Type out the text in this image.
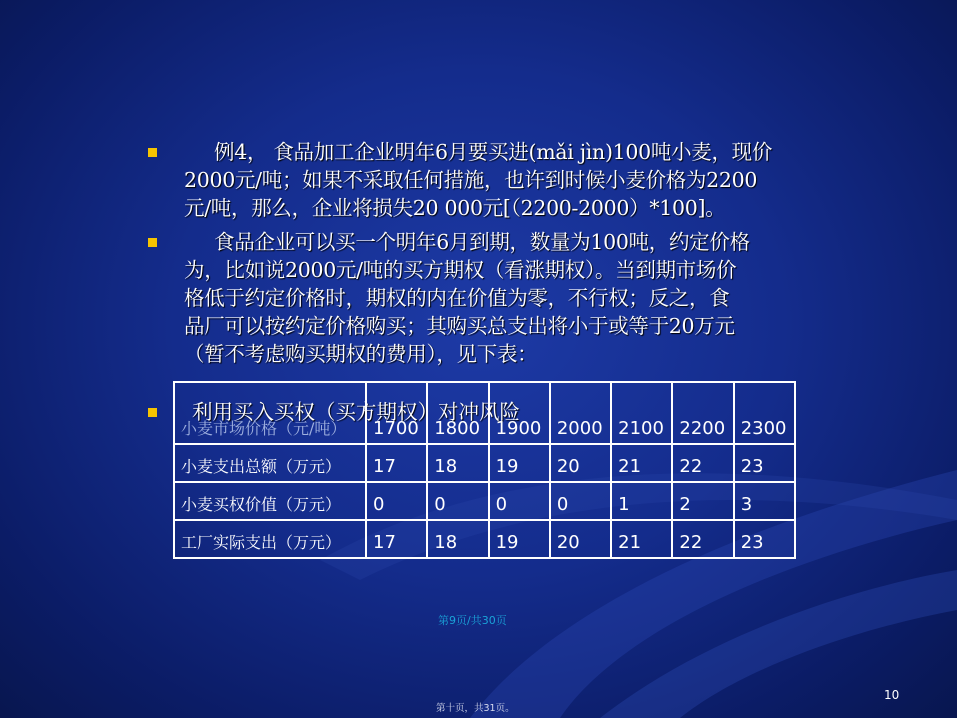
例4， 食品加工企业明年6月要买进(mǎi jìn)100吨小麦，现价
2000元/吨；如果不采取任何措施，也许到时候小麦价格为2200
元/吨，那么，企业将损失20 000元[（2200-2000）*100]。
食品企业可以买一个明年6月到期，数量为100吨，约定价格
为，比如说2000元/吨的买方期权（看涨期权）。当到期市场价
格低于约定价格时，期权的内在价值为零，不行权；反之，食
品厂可以按约定价格购买；其购买总支出将小于或等于20万元
（暂不考虑购买期权的费用），见下表：
利用买入买权（买方期权）对冲风险
小麦市场价格（元/吨）	1700	1800	1900	2000	2100	2200	2300
小麦支出总额（万元）	17	18	19	20	21	22	23
小麦买权价值（万元）	0	0	0	0	1	2	3
工厂实际支出（万元）	17	18	19	20	21	22	23
第9页/共30页
10
第十页，共31页。
